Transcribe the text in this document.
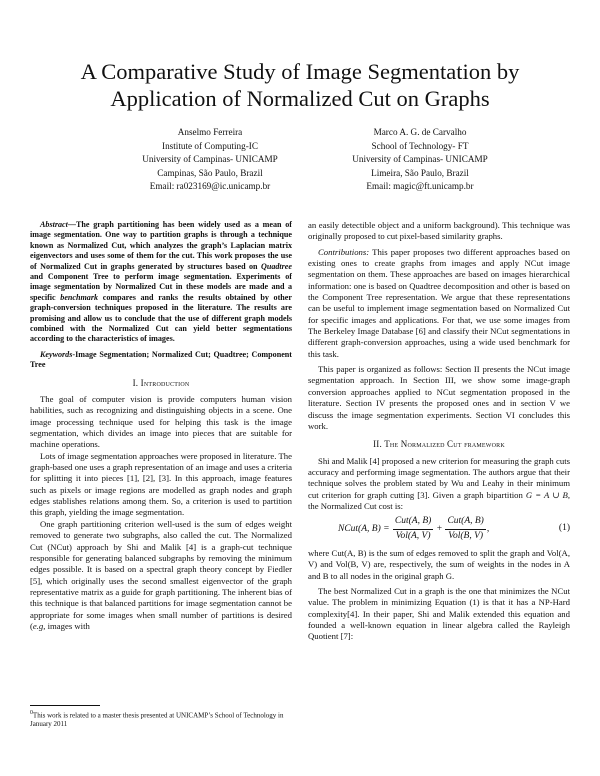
A Comparative Study of Image Segmentation by
Application of Normalized Cut on Graphs
Anselmo Ferreira
Institute of Computing-IC
University of Campinas- UNICAMP
Campinas, São Paulo, Brazil
Email: ra023169@ic.unicamp.br
Marco A. G. de Carvalho
School of Technology- FT
University of Campinas- UNICAMP
Limeira, São Paulo, Brazil
Email: magic@ft.unicamp.br

Abstract—The graph partitioning has been widely used as a mean of image segmentation. One way to partition graphs is through a technique known as Normalized Cut, which analyzes the graph’s Laplacian matrix eigenvectors and uses some of them for the cut. This work proposes the use of Normalized Cut in graphs generated by structures based on Quadtree and Component Tree to perform image segmentation. Experiments of image segmentation by Normalized Cut in these models are made and a specific benchmark compares and ranks the results obtained by other graph-conversion techniques proposed in the literature. The results are promising and allow us to conclude that the use of different graph models combined with the Normalized Cut can yield better segmentations according to the characteristics of images.

Keywords-Image Segmentation; Normalized Cut; Quadtree; Component Tree

I. Introduction

The goal of computer vision is provide computers human vision habilities, such as recognizing and distinguishing objects in a scene. One image processing technique used for helping this task is the image segmentation, which divides an image into pieces that are suitable for machine operations.

Lots of image segmentation approaches were proposed in literature. The graph-based one uses a graph representation of an image and uses a criteria for splitting it into pieces [1], [2], [3]. In this approach, image features such as pixels or image regions are modelled as graph nodes and graph edges stablishes relations among them. So, a criterion is used to partition this graph, yielding the image segmentation.

One graph partitioning criterion well-used is the sum of edges weight removed to generate two subgraphs, also called the cut. The Normalized Cut (NCut) approach by Shi and Malik [4] is a graph-cut technique responsible for generating balanced subgraphs by removing the minimum edges possible. It is based on a spectral graph theory concept by Fiedler [5], which originally uses the second smallest eigenvector of the graph representative matrix as a guide for graph partitioning. The inherent bias of this technique is that balanced partitions for image segmentation cannot be appropriate for some images when small number of partitions is desired (e.g, images with

$^0$This work is related to a master thesis presented at UNICAMP’s School of Technology in January 2011

an easily detectible object and a uniform background). This technique was originally proposed to cut pixel-based similarity graphs.

Contributions: This paper proposes two different approaches based on existing ones to create graphs from images and apply NCut image segmentation on them. These approaches are based on images hierarchical information: one is based on Quadtree decomposition and other is based on the Component Tree representation. We argue that these representations can be useful to implement image segmentation based on Normalized Cut for specific images and applications. For that, we use some images from The Berkeley Image Database [6] and classify their NCut segmentations in different graph-conversion approaches, using a wide used benchmark for this task.

This paper is organized as follows: Section II presents the NCut image segmentation approach. In Section III, we show some image-graph conversion approaches applied to NCut segmentation proposed in the literature. Section IV presents the proposed ones and in section V we discuss the image segmentation experiments. Section VI concludes this work.

II. The Normalized Cut framework

Shi and Malik [4] proposed a new criterion for measuring the graph cuts accuracy and performing image segmentation. The authors argue that their technique solves the problem stated by Wu and Leahy in their minimum cut criterion for graph cutting [3]. Given a graph bipartition G = A ∪ B, the Normalized Cut cost is:

NCut(A, $B) = \frac{\text{Cut(A, B)}}{\text{Vol(A, V)}} + \frac{\text{Cut(A, B)}}{\text{Vol(B, V)}}$ ,	(1)

where Cut(A, B) is the sum of edges removed to split the graph and Vol(A, V) and Vol(B, V) are, respectively, the sum of weights in the nodes in A and B to all nodes in the original graph G.

The best Normalized Cut in a graph is the one that minimizes the NCut value. The problem in minimizing Equation (1) is that it has a NP-Hard complexity[4]. In their paper, Shi and Malik extended this equation and founded a well-known equation in linear algebra called the Rayleigh Quotient [7]:
